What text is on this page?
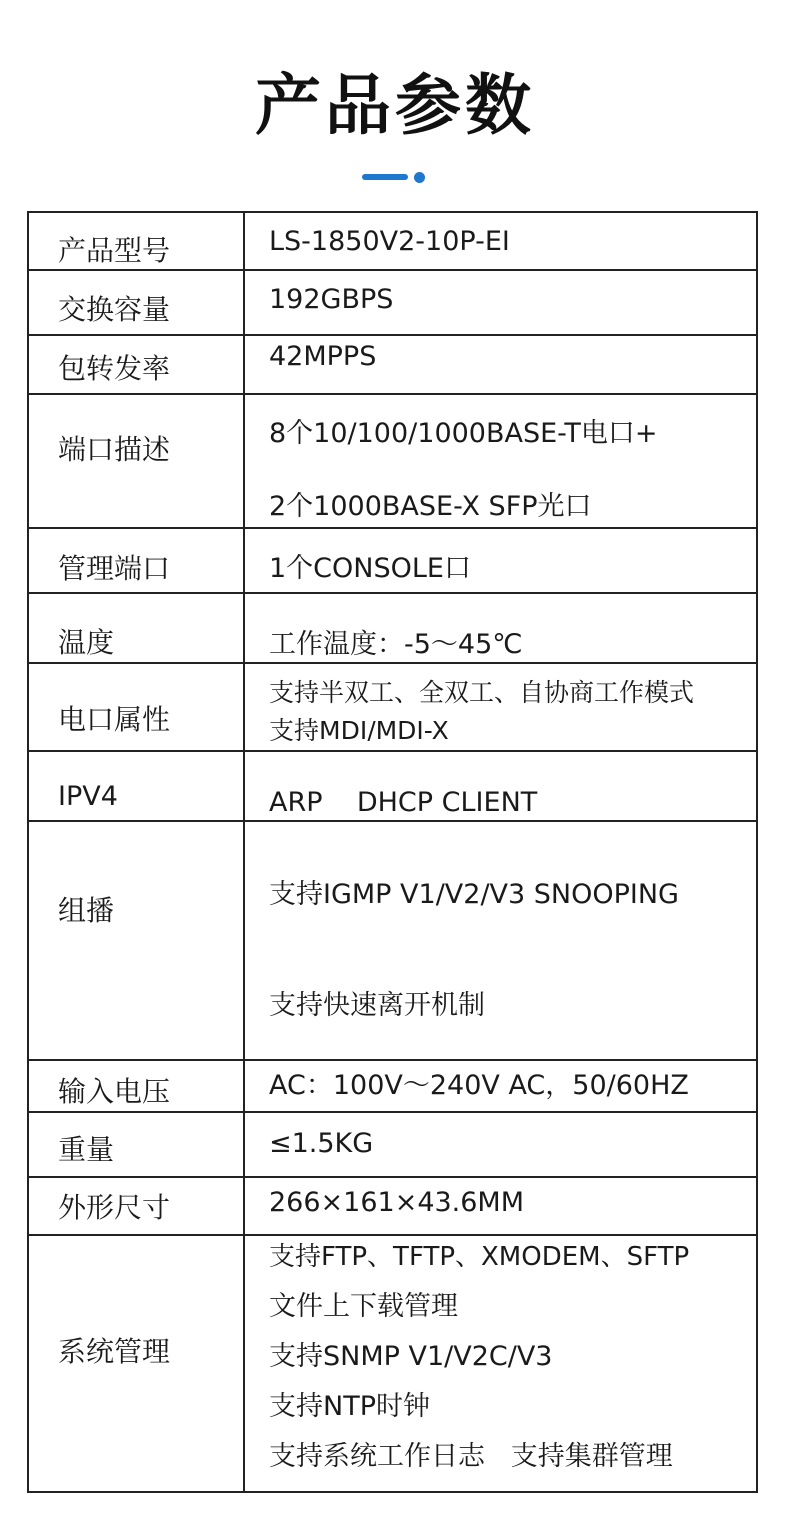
产品参数
产品型号	LS-1850V2-10P-EI

交换容量	192GBPS

包转发率	42MPPS

端口描述	8个10/100/1000BASE-T电口+
2个1000BASE-X SFP光口

管理端口	1个CONSOLE口

温度	工作温度：-5～45℃

电口属性	支持半双工、全双工、自协商工作模式
支持MDI/MDI-X

IPV4	ARP    DHCP CLIENT

组播	支持IGMP V1/V2/V3 SNOOPING
支持快速离开机制

输入电压	AC：100V～240V AC，50/60HZ

重量	≤1.5KG

外形尺寸	266×161×43.6MM

系统管理	支持FTP、TFTP、XMODEM、SFTP
文件上下载管理
支持SNMP V1/V2C/V3
支持NTP时钟
支持系统工作日志   支持集群管理
